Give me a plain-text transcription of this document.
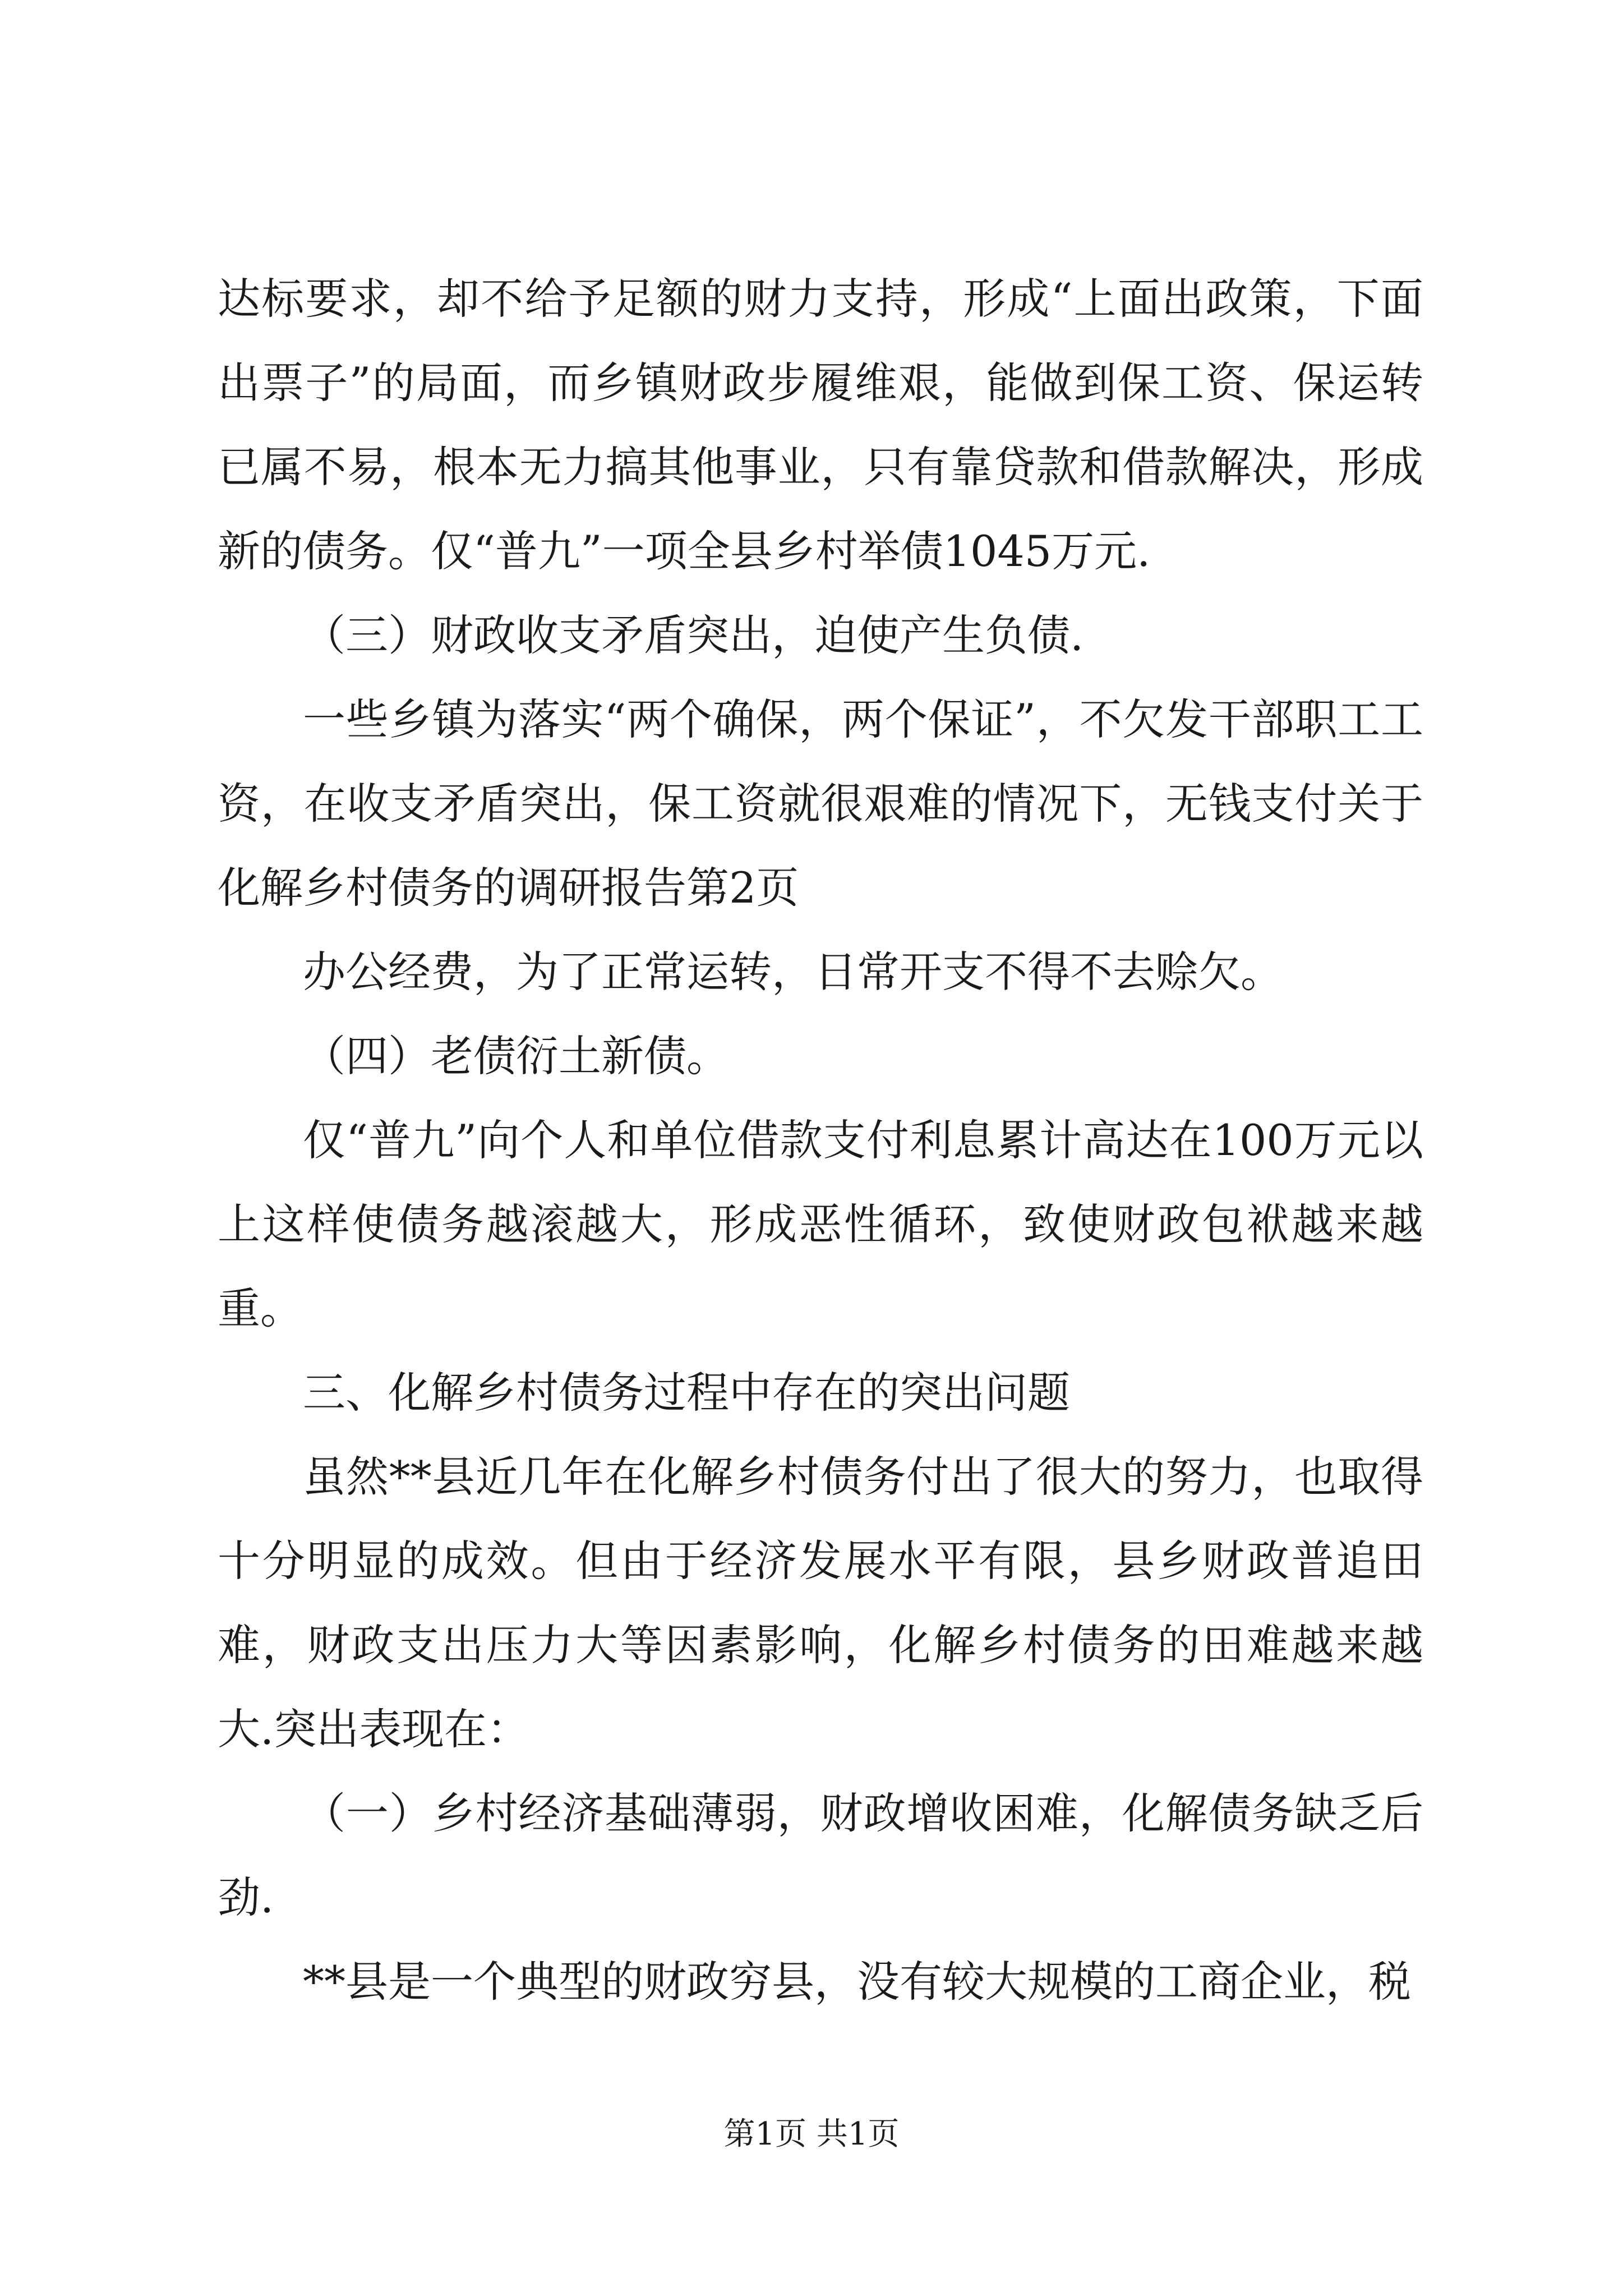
达标要求，却不给予足额的财力支持，形成“上面出政策，下面出票子”的局面，而乡镇财政步履维艰，能做到保工资、保运转已属不易，根本无力搞其他事业，只有靠贷款和借款解决，形成新的债务。仅“普九”一项全县乡村举债1045万元.

（三）财政收支矛盾突出，迫使产生负债.

一些乡镇为落实“两个确保，两个保证”，不欠发干部职工工资，在收支矛盾突出，保工资就很艰难的情况下，无钱支付关于化解乡村债务的调研报告第2页

办公经费，为了正常运转，日常开支不得不去赊欠。

（四）老债衍土新债。

仅“普九”向个人和单位借款支付利息累计高达在100万元以上这样使债务越滚越大，形成恶性循环，致使财政包袱越来越重。

三、化解乡村债务过程中存在的突出问题

虽然**县近几年在化解乡村债务付出了很大的努力，也取得十分明显的成效。但由于经济发展水平有限，县乡财政普追田难，财政支出压力大等因素影响，化解乡村债务的田难越来越大.突出表现在：

（一）乡村经济基础薄弱，财政增收困难，化解债务缺乏后劲.

**县是一个典型的财政穷县，没有较大规模的工商企业，税

第1页 共1页
